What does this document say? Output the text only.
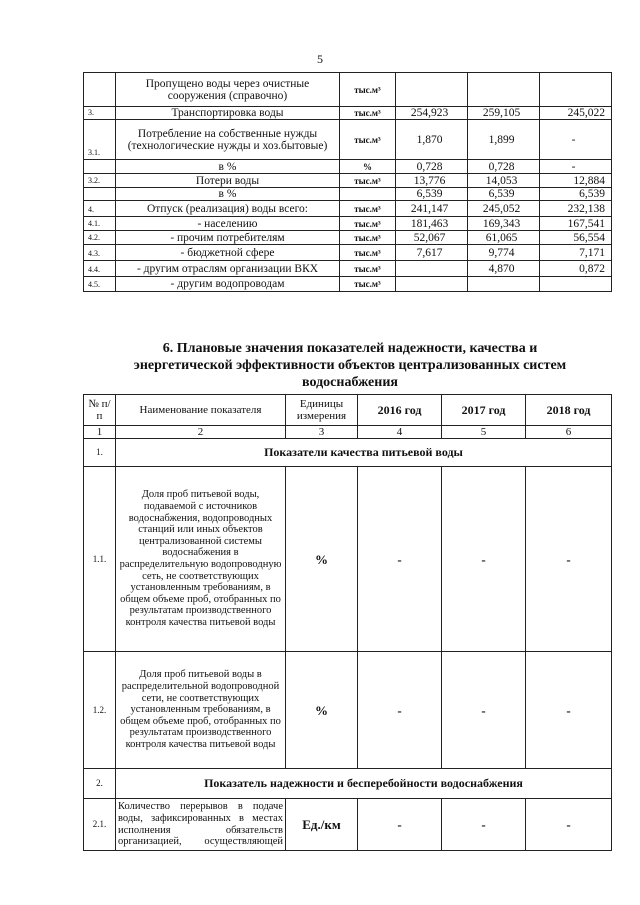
5
	Пропущено воды через очистные сооружения (справочно)	тыс.м³			
3.	Транспортировка воды	тыс.м³	254,923	259,105	245,022
3.1.	Потребление на собственные нужды (технологические нужды и хоз.бытовые)	тыс.м³	1,870	1,899	-
	в %	%	0,728	0,728	-
3.2.	Потери воды	тыс.м³	13,776	14,053	12,884
	в %		6,539	6,539	6,539
4.	Отпуск (реализация) воды всего:	тыс.м³	241,147	245,052	232,138
4.1.	- населению	тыс.м³	181,463	169,343	167,541
4.2.	- прочим потребителям	тыс.м³	52,067	61,065	56,554
4.3.	- бюджетной сфере	тыс.м³	7,617	9,774	7,171
4.4.	- другим отраслям организации ВКХ	тыс.м³		4,870	0,872
4.5.	- другим водопроводам	тыс.м³			
6. Плановые значения показателей надежности, качества и
энергетической эффективности объектов централизованных систем
водоснабжения
№ п/п	Наименование показателя	Единицы измерения	2016 год	2017 год	2018 год
1	2	3	4	5	6
1.	Показатели качества питьевой воды				
1.1.	Доля проб питьевой воды, подаваемой с источников водоснабжения, водопроводных станций или иных объектов централизованной системы водоснабжения в распределительную водопроводную сеть, не соответствующих установленным требованиям, в общем объеме проб, отобранных по результатам производственного контроля качества питьевой воды	%	-	-	-
1.2.	Доля проб питьевой воды в распределительной водопроводной сети, не соответствующих установленным требованиям, в общем объеме проб, отобранных по результатам производственного контроля качества питьевой воды	%	-	-	-
2.	Показатель надежности и бесперебойности водоснабжения				
2.1.	Количество перерывов в подаче воды, зафиксированных в местах исполнения обязательств организацией, осуществляющей	Ед./км	-	-	-
